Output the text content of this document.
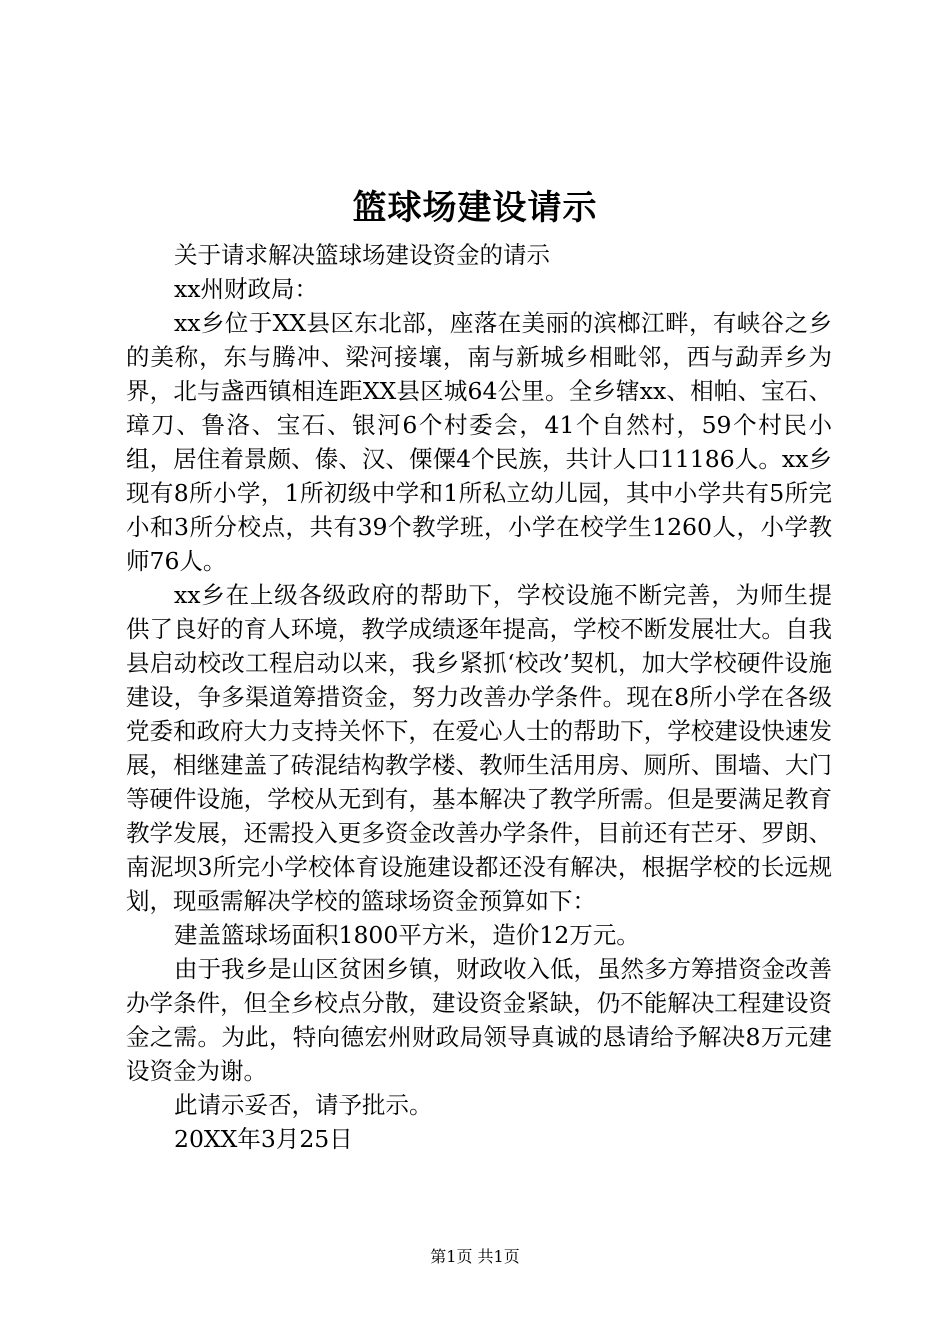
篮球场建设请示

关于请求解决篮球场建设资金的请示

xx州财政局：

xx乡位于XX县区东北部，座落在美丽的滨榔江畔，有峡谷之乡的美称，东与腾冲、梁河接壤，南与新城乡相毗邻，西与勐弄乡为界，北与盏西镇相连距XX县区城64公里。全乡辖xx、相帕、宝石、璋刀、鲁洛、宝石、银河6个村委会，41个自然村，59个村民小组，居住着景颇、傣、汉、傈僳4个民族，共计人口11186人。xx乡现有8所小学，1所初级中学和1所私立幼儿园，其中小学共有5所完小和3所分校点，共有39个教学班，小学在校学生1260人，小学教师76人。

xx乡在上级各级政府的帮助下，学校设施不断完善，为师生提供了良好的育人环境，教学成绩逐年提高，学校不断发展壮大。自我县启动校改工程启动以来，我乡紧抓‘校改’契机，加大学校硬件设施建设，争多渠道筹措资金，努力改善办学条件。现在8所小学在各级党委和政府大力支持关怀下，在爱心人士的帮助下，学校建设快速发展，相继建盖了砖混结构教学楼、教师生活用房、厕所、围墙、大门等硬件设施，学校从无到有，基本解决了教学所需。但是要满足教育教学发展，还需投入更多资金改善办学条件，目前还有芒牙、罗朗、南泥坝3所完小学校体育设施建设都还没有解决，根据学校的长远规划，现亟需解决学校的篮球场资金预算如下：

建盖篮球场面积1800平方米，造价12万元。

由于我乡是山区贫困乡镇，财政收入低，虽然多方筹措资金改善办学条件，但全乡校点分散，建设资金紧缺，仍不能解决工程建设资金之需。为此，特向德宏州财政局领导真诚的恳请给予解决8万元建设资金为谢。

此请示妥否，请予批示。

20XX年3月25日

第1页 共1页
